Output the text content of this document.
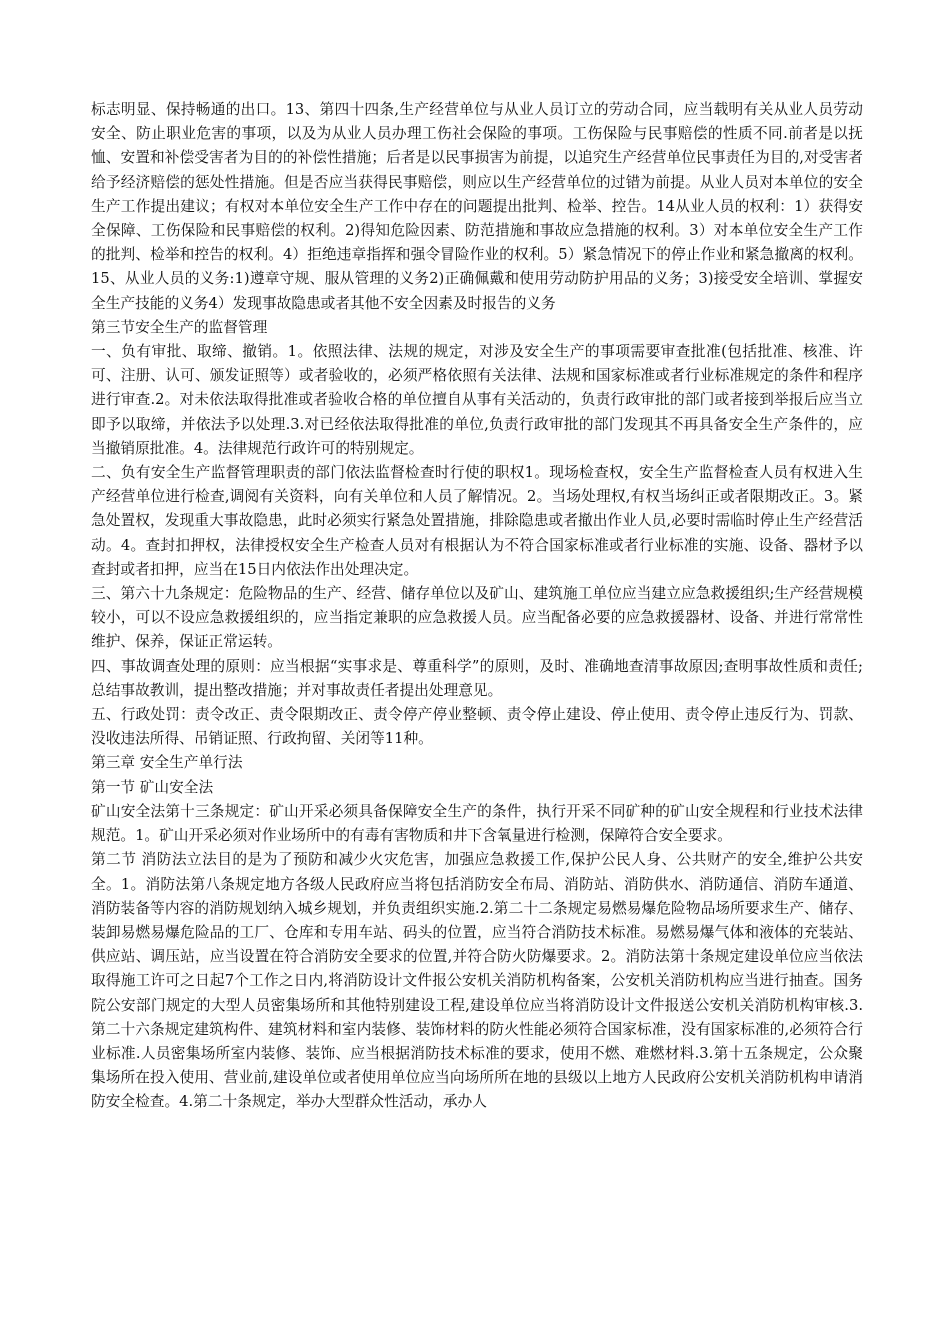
标志明显、保持畅通的出口。13、第四十四条,生产经营单位与从业人员订立的劳动合同，应当载明有关从业人员劳动安全、防止职业危害的事项，以及为从业人员办理工伤社会保险的事项。工伤保险与民事赔偿的性质不同.前者是以抚恤、安置和补偿受害者为目的的补偿性措施；后者是以民事损害为前提，以追究生产经营单位民事责任为目的,对受害者给予经济赔偿的惩处性措施。但是否应当获得民事赔偿，则应以生产经营单位的过错为前提。从业人员对本单位的安全生产工作提出建议；有权对本单位安全生产工作中存在的问题提出批判、检举、控告。14从业人员的权利：1）获得安全保障、工伤保险和民事赔偿的权利。2)得知危险因素、防范措施和事故应急措施的权利。3）对本单位安全生产工作的批判、检举和控告的权利。4）拒绝违章指挥和强令冒险作业的权利。5）紧急情况下的停止作业和紧急撤离的权利。15、从业人员的义务:1)遵章守规、服从管理的义务2)正确佩戴和使用劳动防护用品的义务；3)接受安全培训、掌握安全生产技能的义务4）发现事故隐患或者其他不安全因素及时报告的义务

第三节安全生产的监督管理

一、负有审批、取缔、撤销。1。依照法律、法规的规定，对涉及安全生产的事项需要审查批准(包括批准、核准、许可、注册、认可、颁发证照等）或者验收的，必须严格依照有关法律、法规和国家标准或者行业标准规定的条件和程序进行审查.2。对未依法取得批准或者验收合格的单位擅自从事有关活动的，负责行政审批的部门或者接到举报后应当立即予以取缔，并依法予以处理.3.对已经依法取得批准的单位,负责行政审批的部门发现其不再具备安全生产条件的，应当撤销原批准。4。法律规范行政许可的特别规定。

二、负有安全生产监督管理职责的部门依法监督检查时行使的职权1。现场检查权，安全生产监督检查人员有权进入生产经营单位进行检查,调阅有关资料，向有关单位和人员了解情况。2。当场处理权,有权当场纠正或者限期改正。3。紧急处置权，发现重大事故隐患，此时必须实行紧急处置措施，排除隐患或者撤出作业人员,必要时需临时停止生产经营活动。4。查封扣押权，法律授权安全生产检查人员对有根据认为不符合国家标准或者行业标准的实施、设备、器材予以查封或者扣押，应当在15日内依法作出处理决定。

三、第六十九条规定：危险物品的生产、经营、储存单位以及矿山、建筑施工单位应当建立应急救援组织;生产经营规模较小，可以不设应急救援组织的，应当指定兼职的应急救援人员。应当配备必要的应急救援器材、设备、并进行常常性维护、保养，保证正常运转。

四、事故调查处理的原则：应当根据“实事求是、尊重科学”的原则，及时、准确地查清事故原因;查明事故性质和责任;总结事故教训，提出整改措施；并对事故责任者提出处理意见。

五、行政处罚：责令改正、责令限期改正、责令停产停业整顿、责令停止建设、停止使用、责令停止违反行为、罚款、没收违法所得、吊销证照、行政拘留、关闭等11种。

第三章 安全生产单行法

第一节 矿山安全法

矿山安全法第十三条规定：矿山开采必须具备保障安全生产的条件，执行开采不同矿种的矿山安全规程和行业技术法律规范。1。矿山开采必须对作业场所中的有毒有害物质和井下含氧量进行检测，保障符合安全要求。

第二节 消防法立法目的是为了预防和减少火灾危害，加强应急救援工作,保护公民人身、公共财产的安全,维护公共安全。1。消防法第八条规定地方各级人民政府应当将包括消防安全布局、消防站、消防供水、消防通信、消防车通道、消防装备等内容的消防规划纳入城乡规划，并负责组织实施.2.第二十二条规定易燃易爆危险物品场所要求生产、储存、装卸易燃易爆危险品的工厂、仓库和专用车站、码头的位置，应当符合消防技术标准。易燃易爆气体和液体的充装站、供应站、调压站，应当设置在符合消防安全要求的位置,并符合防火防爆要求。2。消防法第十条规定建设单位应当依法取得施工许可之日起7个工作之日内,将消防设计文件报公安机关消防机构备案，公安机关消防机构应当进行抽查。国务院公安部门规定的大型人员密集场所和其他特别建设工程,建设单位应当将消防设计文件报送公安机关消防机构审核.3.第二十六条规定建筑构件、建筑材料和室内装修、装饰材料的防火性能必须符合国家标准，没有国家标准的,必须符合行业标准.人员密集场所室内装修、装饰、应当根据消防技术标准的要求，使用不燃、难燃材料.3.第十五条规定，公众聚集场所在投入使用、营业前,建设单位或者使用单位应当向场所所在地的县级以上地方人民政府公安机关消防机构申请消防安全检查。4.第二十条规定，举办大型群众性活动，承办人
